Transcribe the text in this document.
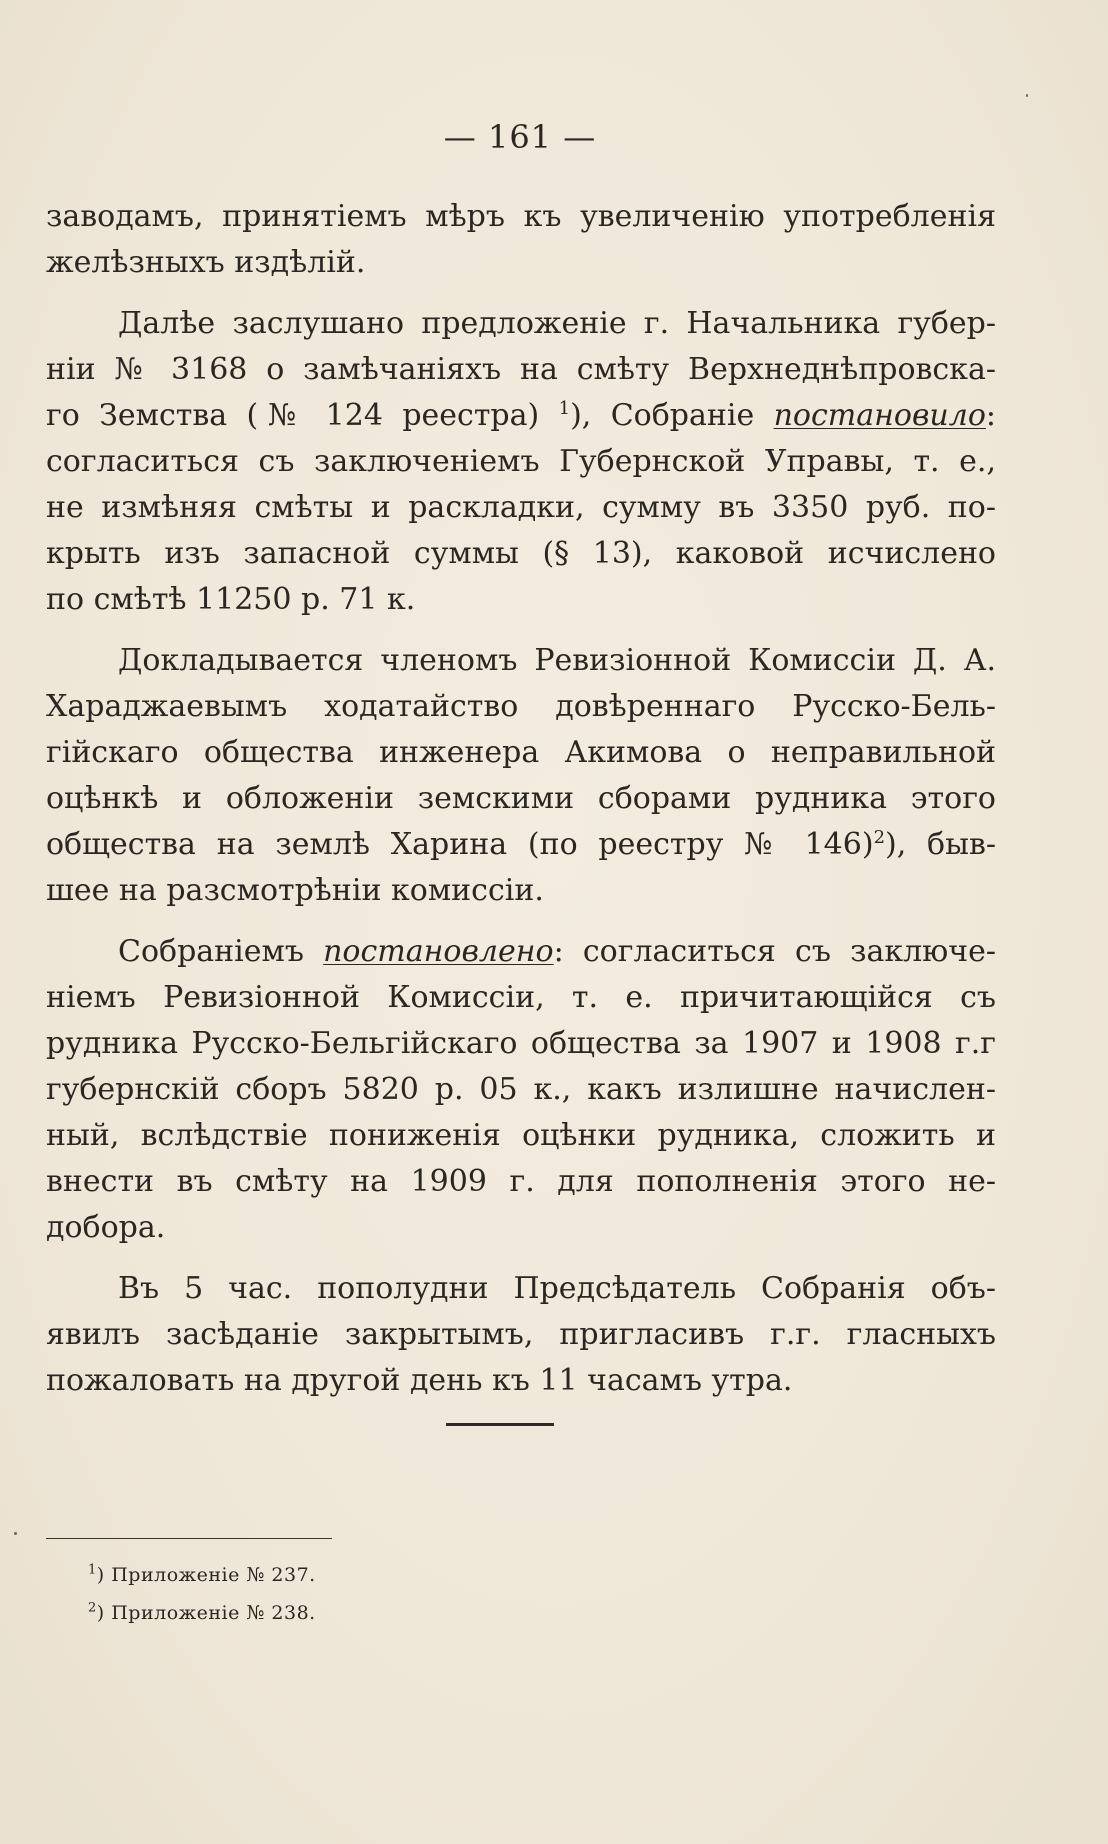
— 161 —
заводамъ, принятіемъ мѣръ къ увеличенію употребленія
желѣзныхъ издѣлій.
Далѣе заслушано предложеніе г. Начальника губер-
ніи № 3168 о замѣчаніяхъ на смѣту Верхнеднѣпровска-
го Земства (№ 124 реестра) $^1$), Собраніе постановило:
согласиться съ заключеніемъ Губернской Управы, т. е.,
не измѣняя смѣты и раскладки, сумму въ 3350 руб. по-
крыть изъ запасной суммы (§ 13), каковой исчислено
по смѣтѣ 11250 р. 71 к.
Докладывается членомъ Ревизіонной Комиссіи Д. А.
Хараджаевымъ ходатайство довѣреннаго Русско-Бель-
гійскаго общества инженера Акимова о неправильной
оцѣнкѣ и обложеніи земскими сборами рудника этого
общества на землѣ Харина (по реестру № 146)$^2$), быв-
шее на разсмотрѣніи комиссіи.
Собраніемъ постановлено: согласиться съ заключе-
ніемъ Ревизіонной Комиссіи, т. е. причитающійся съ
рудника Русско-Бельгійскаго общества за 1907 и 1908 г.г
губернскій сборъ 5820 р. 05 к., какъ излишне начислен-
ный, вслѣдствіе пониженія оцѣнки рудника, сложить и
внести въ смѣту на 1909 г. для пополненія этого не-
добора.
Въ 5 час. пополудни Предсѣдатель Собранія объ-
явилъ засѣданіе закрытымъ, пригласивъ г.г. гласныхъ
пожаловать на другой день къ 11 часамъ утра.
$^1$) Приложеніе № 237.
$^2$) Приложеніе № 238.
